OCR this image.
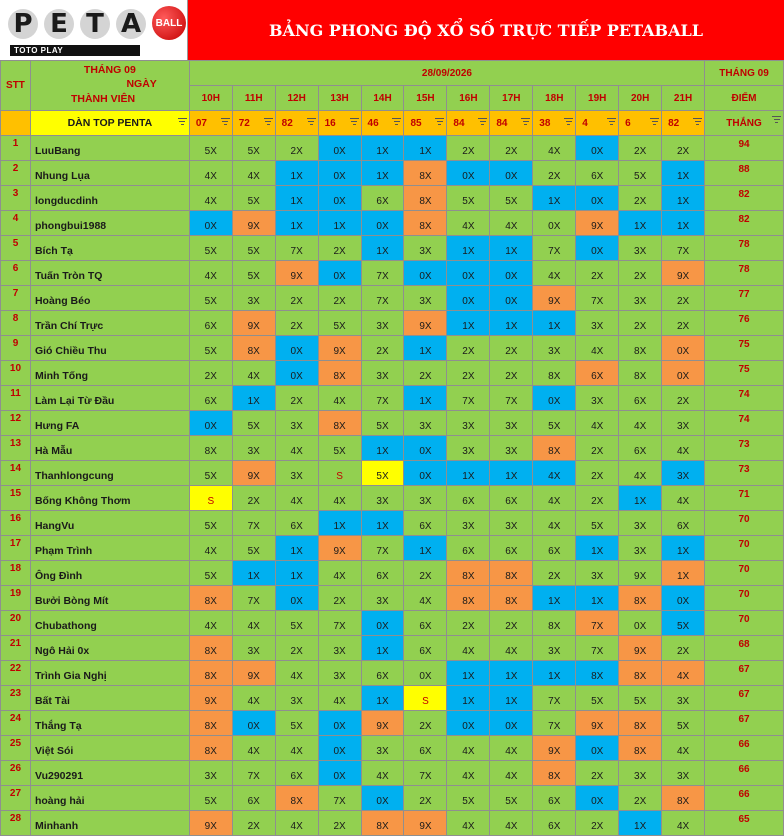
P E T A	BALL
TOTO PLAY
BẢNG PHONG ĐỘ XỔ SỐ TRỰC TIẾP PETABALL
STT	THÁNG 09
NGÀY
THÀNH VIÊN	28/09/2026												THÁNG 09
		10H	11H	12H	13H	14H	15H	16H	17H	18H	19H	20H	21H	ĐIỂM
	DÀN TOP PENTA	07	72	82	16	46	85	84	84	38	4	6	82	THẮNG

1	LuuBang	5X	5X	2X	0X	1X	1X	2X	2X	4X	0X	2X	2X	94
2	Nhung Lụa	4X	4X	1X	0X	1X	8X	0X	0X	2X	6X	5X	1X	88
3	longducdinh	4X	5X	1X	0X	6X	8X	5X	5X	1X	0X	2X	1X	82
4	phongbui1988	0X	9X	1X	1X	0X	8X	4X	4X	0X	9X	1X	1X	82
5	Bích Tạ	5X	5X	7X	2X	1X	3X	1X	1X	7X	0X	3X	7X	78
6	Tuấn Tròn TQ	4X	5X	9X	0X	7X	0X	0X	0X	4X	2X	2X	9X	78
7	Hoàng Béo	5X	3X	2X	2X	7X	3X	0X	0X	9X	7X	3X	2X	77
8	Trần Chí Trực	6X	9X	2X	5X	3X	9X	1X	1X	1X	3X	2X	2X	76
9	Gió Chiều Thu	5X	8X	0X	9X	2X	1X	2X	2X	3X	4X	8X	0X	75
10	Minh Tống	2X	4X	0X	8X	3X	2X	2X	2X	8X	6X	8X	0X	75
11	Làm Lại Từ Đầu	6X	1X	2X	4X	7X	1X	7X	7X	0X	3X	6X	2X	74
12	Hưng FA	0X	5X	3X	8X	5X	3X	3X	3X	5X	4X	4X	3X	74
13	Hà Mẫu	8X	3X	4X	5X	1X	0X	3X	3X	8X	2X	6X	4X	73
14	Thanhlongcung	5X	9X	3X	S	5X	0X	1X	1X	4X	2X	4X	3X	73
15	Bống Không Thơm	S	2X	4X	4X	3X	3X	6X	6X	4X	2X	1X	4X	71
16	HangVu	5X	7X	6X	1X	1X	6X	3X	3X	4X	5X	3X	6X	70
17	Phạm Trình	4X	5X	1X	9X	7X	1X	6X	6X	6X	1X	3X	1X	70
18	Ông Đình	5X	1X	1X	4X	6X	2X	8X	8X	2X	3X	9X	1X	70
19	Bưởi Bòng Mít	8X	7X	0X	2X	3X	4X	8X	8X	1X	1X	8X	0X	70
20	Chubathong	4X	4X	5X	7X	0X	6X	2X	2X	8X	7X	0X	5X	70
21	Ngô Hải 0x	8X	3X	2X	3X	1X	6X	4X	4X	3X	7X	9X	2X	68
22	Trình Gia Nghị	8X	9X	4X	3X	6X	0X	1X	1X	1X	8X	8X	4X	67
23	Bất Tài	9X	4X	3X	4X	1X	S	1X	1X	7X	5X	5X	3X	67
24	Thắng Tạ	8X	0X	5X	0X	9X	2X	0X	0X	7X	9X	8X	5X	67
25	Việt Sói	8X	4X	4X	0X	3X	6X	4X	4X	9X	0X	8X	4X	66
26	Vu290291	3X	7X	6X	0X	4X	7X	4X	4X	8X	2X	3X	3X	66
27	hoàng hải	5X	6X	8X	7X	0X	2X	5X	5X	6X	0X	2X	8X	66
28	Minhanh	9X	2X	4X	2X	8X	9X	4X	4X	6X	2X	1X	4X	65
